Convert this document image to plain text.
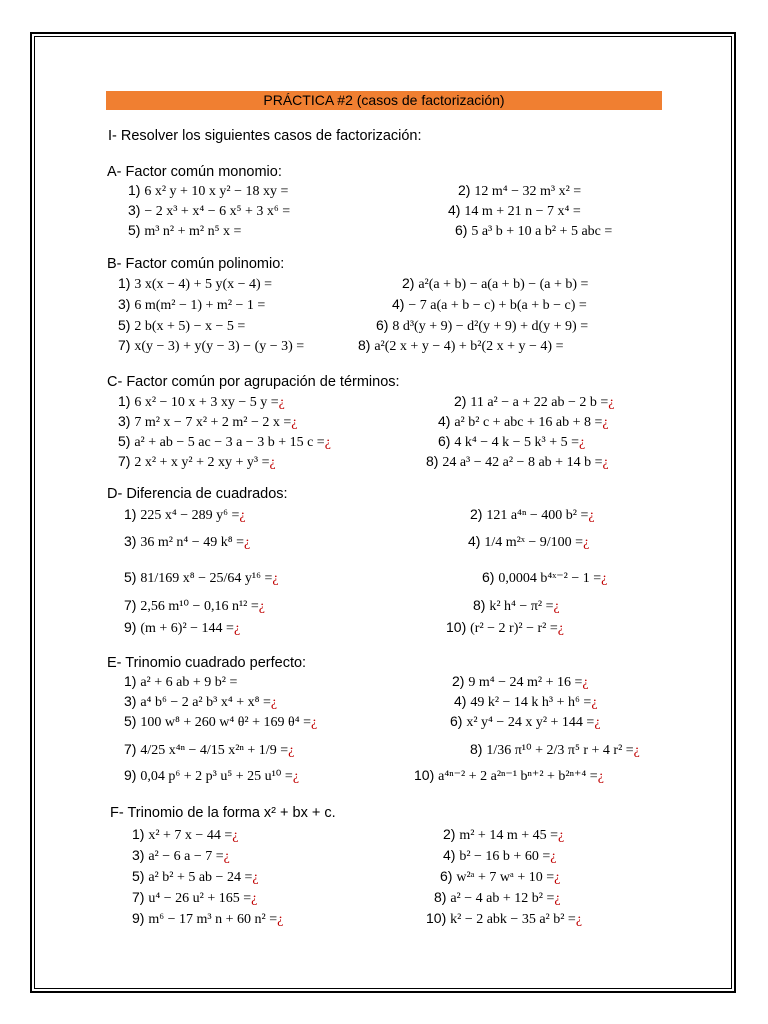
PRÁCTICA #2 (casos de factorización)
I- Resolver los siguientes casos de factorización:
A- Factor común monomio:
1) 6 x² y + 10 x y² − 18 xy =	2) 12 m⁴ − 32 m³ x² =
3) − 2 x³ + x⁴ − 6 x⁵ + 3 x⁶ =	4) 14 m + 21 n − 7 x⁴ =
5) m³ n² + m² n⁵ x =	6) 5 a³ b + 10 a b² + 5 abc =
B- Factor común polinomio:
1) 3 x(x − 4) + 5 y(x − 4) =	2) a²(a + b) − a(a + b) − (a + b) =
3) 6 m(m² − 1) + m² − 1 =	4) − 7 a(a + b − c) + b(a + b − c) =
5) 2 b(x + 5) − x − 5 =	6) 8 d³(y + 9) − d²(y + 9) + d(y + 9) =
7) x(y − 3) + y(y − 3) − (y − 3) =	8) a²(2 x + y − 4) + b²(2 x + y − 4) =
C- Factor común por agrupación de términos:
1) 6 x² − 10 x + 3 xy − 5 y =¿	2) 11 a² − a + 22 ab − 2 b =¿
3) 7 m² x − 7 x² + 2 m² − 2 x =¿	4) a² b² c + abc + 16 ab + 8 =¿
5) a² + ab − 5 ac − 3 a − 3 b + 15 c =¿	6) 4 k⁴ − 4 k − 5 k³ + 5 =¿
7) 2 x² + x y² + 2 xy + y³ =¿	8) 24 a³ − 42 a² − 8 ab + 14 b =¿
D- Diferencia de cuadrados:
1) 225 x⁴ − 289 y⁶ =¿	2) 121 a⁴ⁿ − 400 b² =¿
3) 36 m² n⁴ − 49 k⁸ =¿	4) 1/4 m²ˣ − 9/100 =¿
5) 81/169 x⁸ − 25/64 y¹⁶ =¿	6) 0,0004 b⁴ˣ⁻² − 1 =¿
7) 2,56 m¹⁰ − 0,16 n¹² =¿	8) k² h⁴ − π² =¿
9) (m + 6)² − 144 =¿	10) (r² − 2 r)² − r² =¿
E- Trinomio cuadrado perfecto:
1) a² + 6 ab + 9 b² =	2) 9 m⁴ − 24 m² + 16 =¿
3) a⁴ b⁶ − 2 a² b³ x⁴ + x⁸ =¿	4) 49 k² − 14 k h³ + h⁶ =¿
5) 100 w⁸ + 260 w⁴ θ² + 169 θ⁴ =¿	6) x² y⁴ − 24 x y² + 144 =¿
7) 4/25 x⁴ⁿ − 4/15 x²ⁿ + 1/9 =¿	8) 1/36 π¹⁰ + 2/3 π⁵ r + 4 r² =¿
9) 0,04 p⁶ + 2 p³ u⁵ + 25 u¹⁰ =¿	10) a⁴ⁿ⁻² + 2 a²ⁿ⁻¹ bⁿ⁺² + b²ⁿ⁺⁴ =¿
F- Trinomio de la forma x² + bx + c.
1) x² + 7 x − 44 =¿	2) m² + 14 m + 45 =¿
3) a² − 6 a − 7 =¿	4) b² − 16 b + 60 =¿
5) a² b² + 5 ab − 24 =¿	6) w²ᵃ + 7 wᵃ + 10 =¿
7) u⁴ − 26 u² + 165 =¿	8) a² − 4 ab + 12 b² =¿
9) m⁶ − 17 m³ n + 60 n² =¿	10) k² − 2 abk − 35 a² b² =¿
